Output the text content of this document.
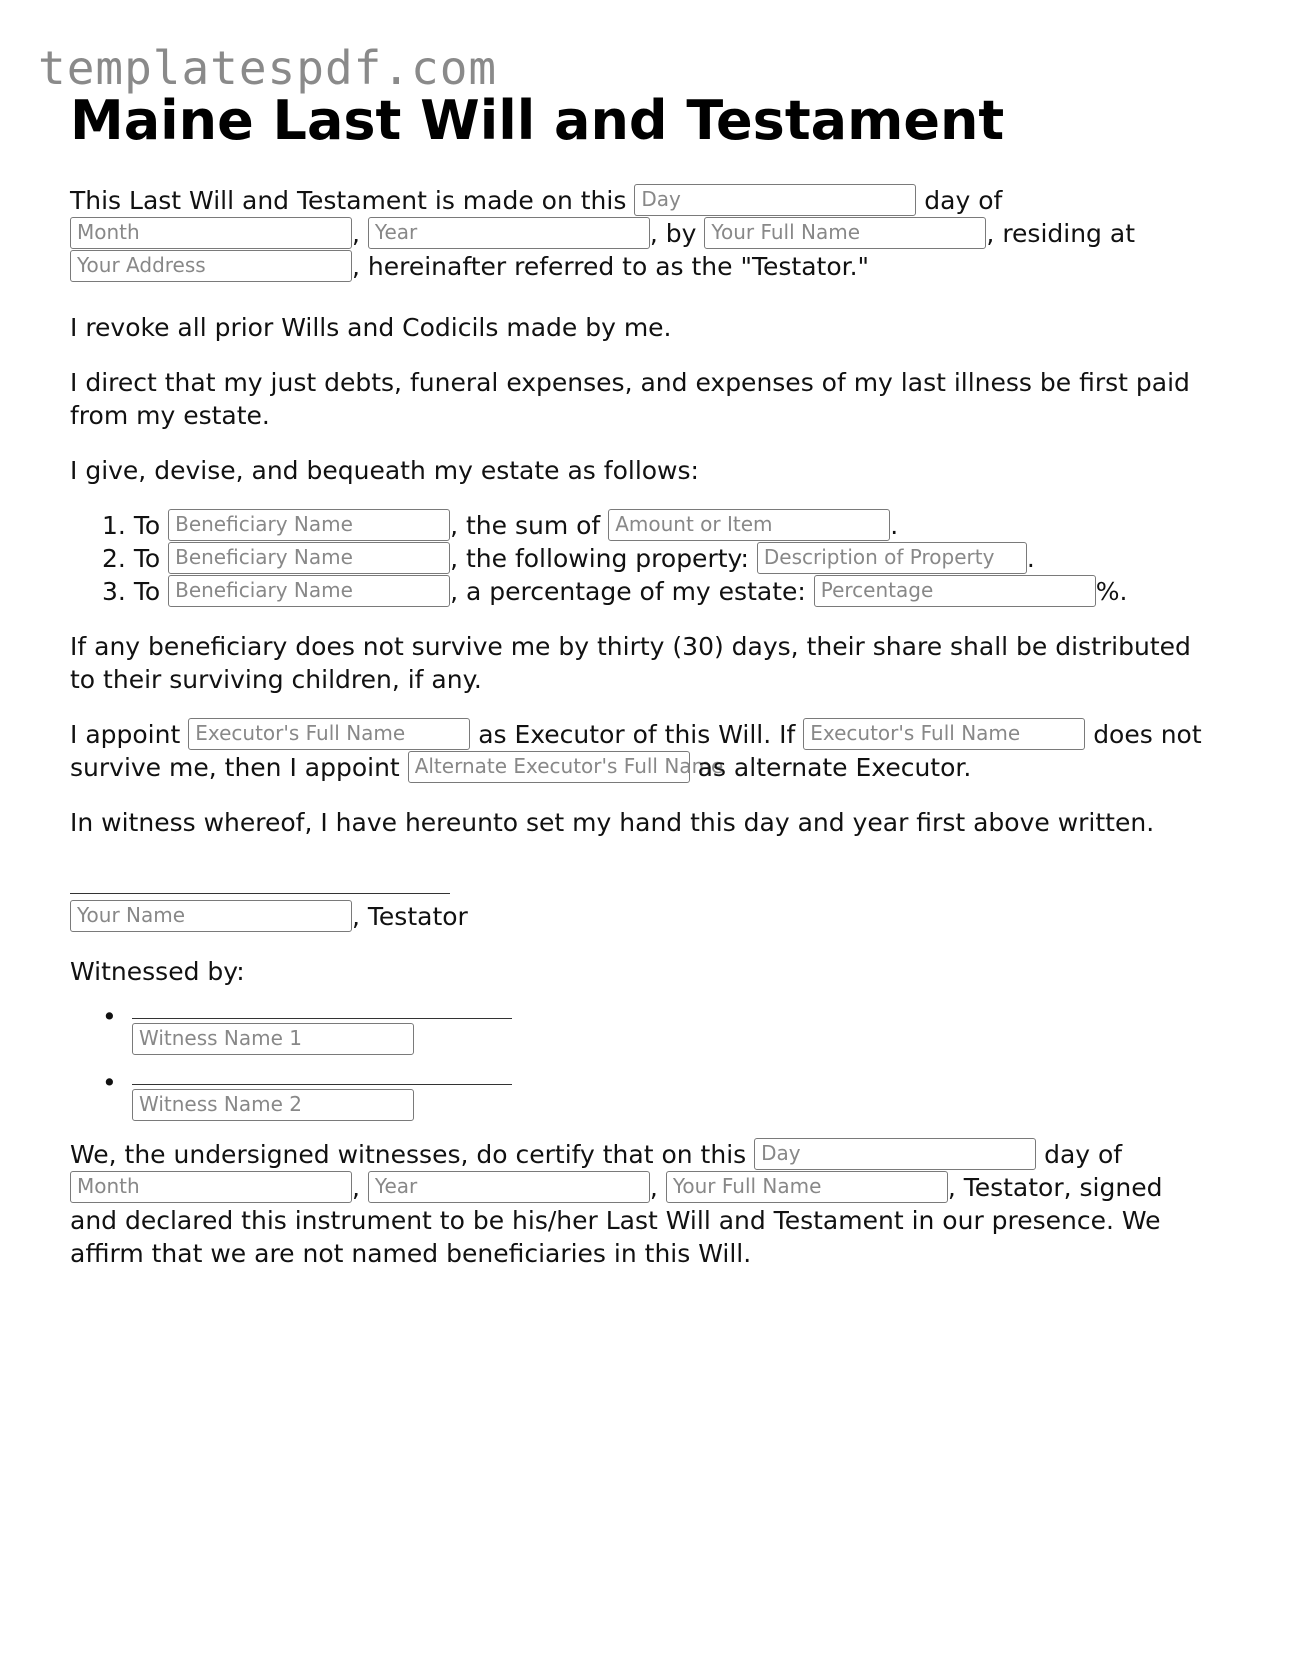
templatespdf.com
Maine Last Will and Testament
This Last Will and Testament is made on this Day	day of
Month	, Year	, by Your Full Name	, residing at
Your Address	, hereinafter referred to as the "Testator."

I revoke all prior Wills and Codicils made by me.

I direct that my just debts, funeral expenses, and expenses of my last illness be first paid from my estate.

I give, devise, and bequeath my estate as follows:

1. To Beneficiary Name	, the sum of Amount or Item	.
2. To Beneficiary Name	, the following property: Description of Property .
3. To Beneficiary Name	, a percentage of my estate: Percentage	%.

If any beneficiary does not survive me by thirty (30) days, their share shall be distributed to their surviving children, if any.

I appoint Executor's Full Name	as Executor of this Will. If Executor's Full Name	does not
survive me, then I appoint Alternate Executor's Full Name as alternate Executor.

In witness whereof, I have hereunto set my hand this day and year first above written.

Your Name	, Testator

Witnessed by:

•
Witness Name 1
•
Witness Name 2
We, the undersigned witnesses, do certify that on this Day	day of
Month	, Year	, Your Full Name	, Testator, signed
and declared this instrument to be his/her Last Will and Testament in our presence. We
affirm that we are not named beneficiaries in this Will.
